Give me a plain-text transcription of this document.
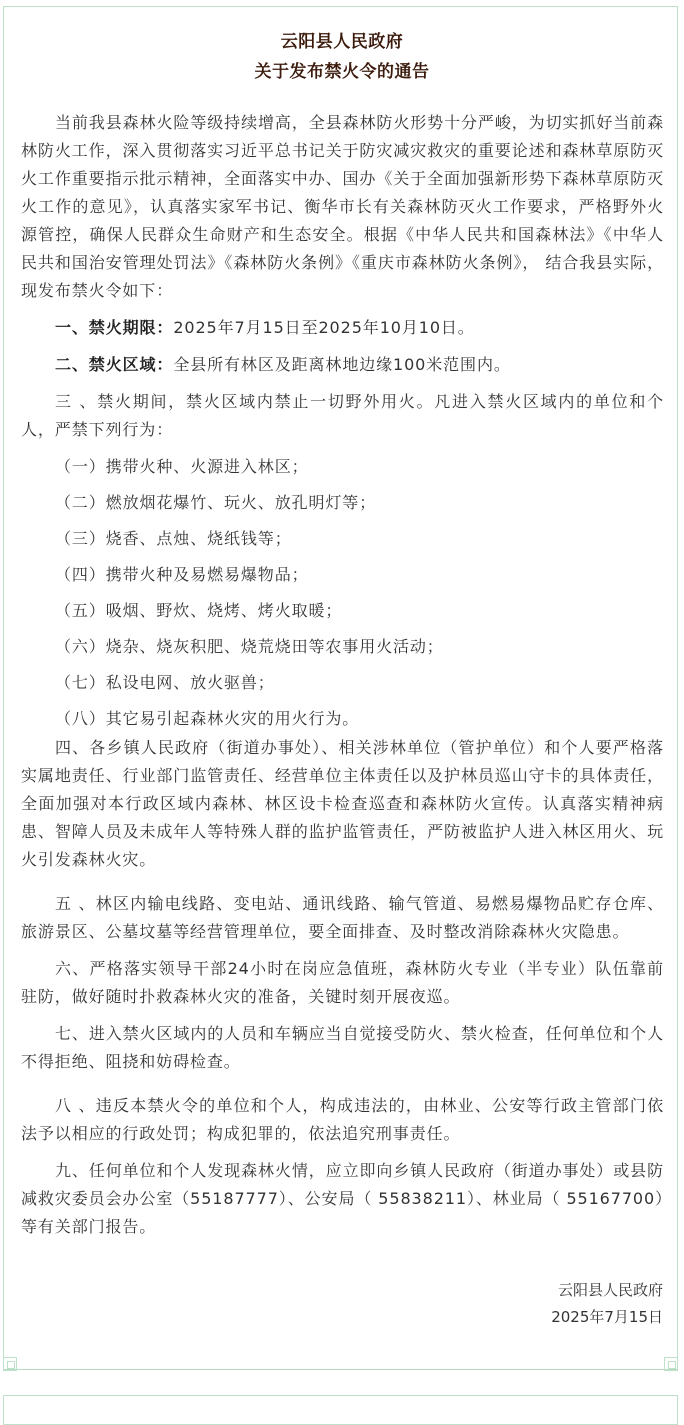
云阳县人民政府
关于发布禁火令的通告

当前我县森林火险等级持续增高，全县森林防火形势十分严峻，为切实抓好当前森林防火工作，深入贯彻落实习近平总书记关于防灾减灾救灾的重要论述和森林草原防灭火工作重要指示批示精神，全面落实中办、国办《关于全面加强新形势下森林草原防灭火工作的意见》，认真落实家军书记、衡华市长有关森林防灭火工作要求，严格野外火源管控，确保人民群众生命财产和生态安全。根据《中华人民共和国森林法》《中华人民共和国治安管理处罚法》《森林防火条例》《重庆市森林防火条例》， 结合我县实际，现发布禁火令如下：

一、禁火期限：2025年7月15日至2025年10月10日。

二、禁火区域：全县所有林区及距离林地边缘100米范围内。

三 、禁火期间，禁火区域内禁止一切野外用火。凡进入禁火区域内的单位和个人，严禁下列行为：

（一）携带火种、火源进入林区；

（二）燃放烟花爆竹、玩火、放孔明灯等；

（三）烧香、点烛、烧纸钱等；

（四）携带火种及易燃易爆物品；

（五）吸烟、野炊、烧烤、烤火取暖；

（六）烧杂、烧灰积肥、烧荒烧田等农事用火活动；

（七）私设电网、放火驱兽；

（八）其它易引起森林火灾的用火行为。

四、各乡镇人民政府（街道办事处）、相关涉林单位（管护单位）和个人要严格落实属地责任、行业部门监管责任、经营单位主体责任以及护林员巡山守卡的具体责任，全面加强对本行政区域内森林、林区设卡检查巡查和森林防火宣传。认真落实精神病患、智障人员及未成年人等特殊人群的监护监管责任，严防被监护人进入林区用火、玩火引发森林火灾。

五 、林区内输电线路、变电站、通讯线路、输气管道、易燃易爆物品贮存仓库、旅游景区、公墓坟墓等经营管理单位，要全面排查、及时整改消除森林火灾隐患。

六、严格落实领导干部24小时在岗应急值班，森林防火专业（半专业）队伍靠前驻防，做好随时扑救森林火灾的准备，关键时刻开展夜巡。

七、进入禁火区域内的人员和车辆应当自觉接受防火、禁火检查，任何单位和个人不得拒绝、阻挠和妨碍检查。

八 、违反本禁火令的单位和个人，构成违法的，由林业、公安等行政主管部门依法予以相应的行政处罚；构成犯罪的，依法追究刑事责任。

九、任何单位和个人发现森林火情，应立即向乡镇人民政府（街道办事处）或县防减救灾委员会办公室（55187777）、公安局（ 55838211）、林业局（ 55167700）等有关部门报告。

云阳县人民政府
2025年7月15日
